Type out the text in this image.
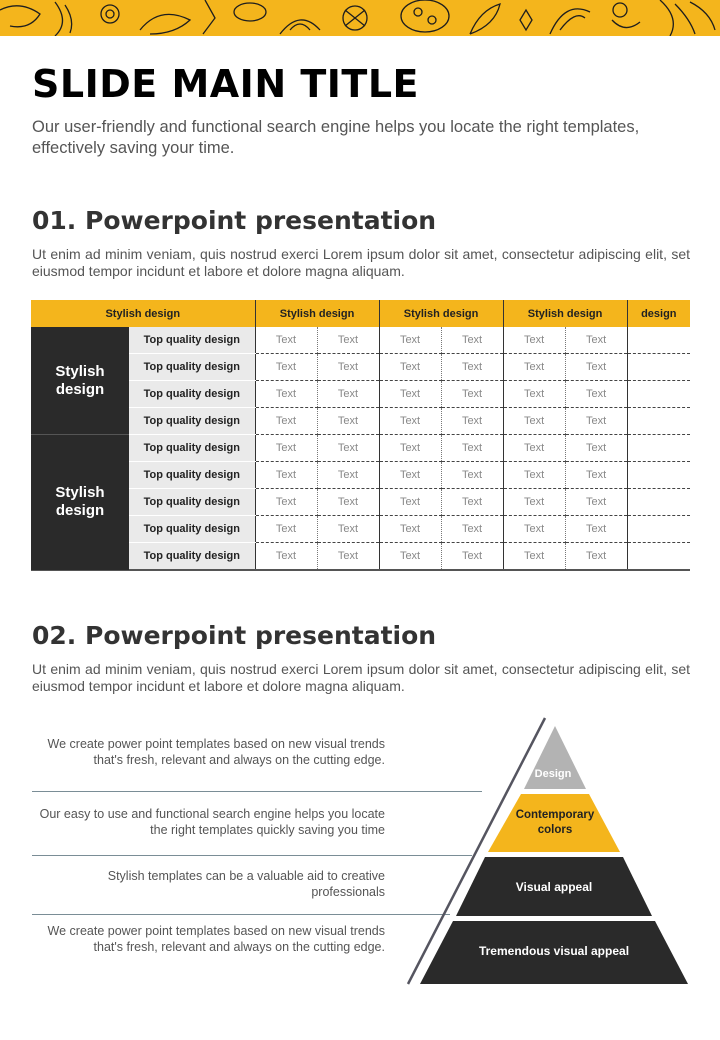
SLIDE MAIN TITLE

Our user-friendly and functional search engine helps you locate the right templates,
effectively saving your time.

01. Powerpoint presentation

Ut enim ad minim veniam, quis nostrud exerci Lorem ipsum dolor sit amet, consectetur adipiscing elit, set eiusmod tempor incidunt et labore et dolore magna aliquam.

Stylish design		Stylish design		Stylish design		Stylish design		design
Stylish design	Top quality design	Text	Text	Text	Text	Text	Text	
	Top quality design	Text	Text	Text	Text	Text	Text	
	Top quality design	Text	Text	Text	Text	Text	Text	
	Top quality design	Text	Text	Text	Text	Text	Text	
Stylish design	Top quality design	Text	Text	Text	Text	Text	Text	
	Top quality design	Text	Text	Text	Text	Text	Text	
	Top quality design	Text	Text	Text	Text	Text	Text	
	Top quality design	Text	Text	Text	Text	Text	Text	
	Top quality design	Text	Text	Text	Text	Text	Text	
02. Powerpoint presentation

Ut enim ad minim veniam, quis nostrud exerci Lorem ipsum dolor sit amet, consectetur adipiscing elit, set eiusmod tempor incidunt et labore et dolore magna aliquam.

We create power point templates based on new visual trends that's fresh, relevant and always on the cutting edge.
Our easy to use and functional search engine helps you locate the right templates quickly saving you time
Stylish templates can be a valuable aid to creative professionals
We create power point templates based on new visual trends that's fresh, relevant and always on the cutting edge.
Design
Contemporary colors
Visual appeal
Tremendous visual appeal
